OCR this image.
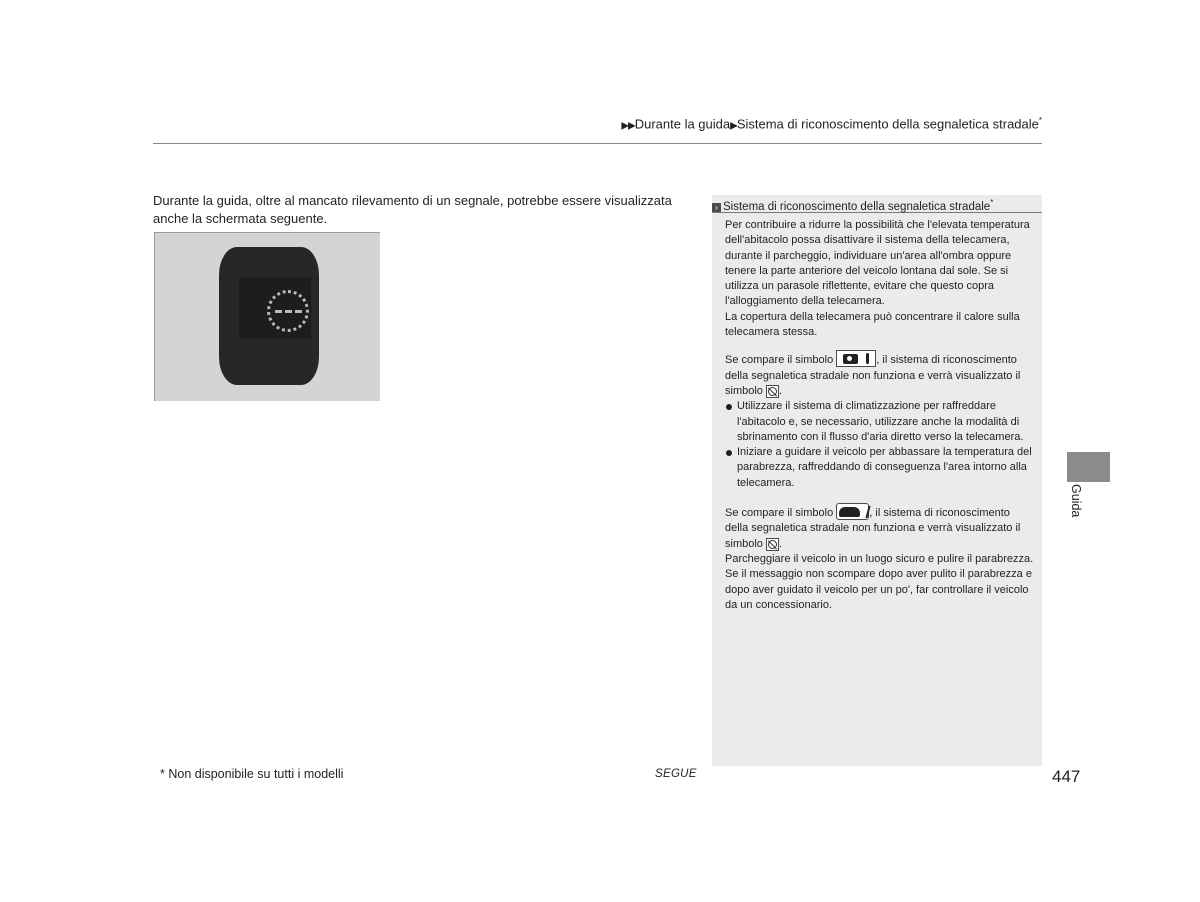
▶▶Durante la guida▶Sistema di riconoscimento della segnaletica stradale*
Durante la guida, oltre al mancato rilevamento di un segnale, potrebbe essere visualizzata anche la schermata seguente.
› Sistema di riconoscimento della segnaletica stradale*

Per contribuire a ridurre la possibilità che l'elevata temperatura dell'abitacolo possa disattivare il sistema della telecamera, durante il parcheggio, individuare un'area all'ombra oppure tenere la parte anteriore del veicolo lontana dal sole. Se si utilizza un parasole riflettente, evitare che questo copra l'alloggiamento della telecamera.

La copertura della telecamera può concentrare il calore sulla telecamera stessa.

Se compare il simbolo	, il sistema di riconoscimento della segnaletica stradale non funziona e verrà visualizzato il simbolo .

Utilizzare il sistema di climatizzazione per raffreddare l'abitacolo e, se necessario, utilizzare anche la modalità di sbrinamento con il flusso d'aria diretto verso la telecamera.

Iniziare a guidare il veicolo per abbassare la temperatura del parabrezza, raffreddando di conseguenza l'area intorno alla telecamera.

Se compare il simbolo	, il sistema di riconoscimento della segnaletica stradale non funziona e verrà visualizzato il simbolo .

Parcheggiare il veicolo in un luogo sicuro e pulire il parabrezza. Se il messaggio non scompare dopo aver pulito il parabrezza e dopo aver guidato il veicolo per un po', far controllare il veicolo da un concessionario.

Guida
* Non disponibile su tutti i modelli	SEGUE	447
